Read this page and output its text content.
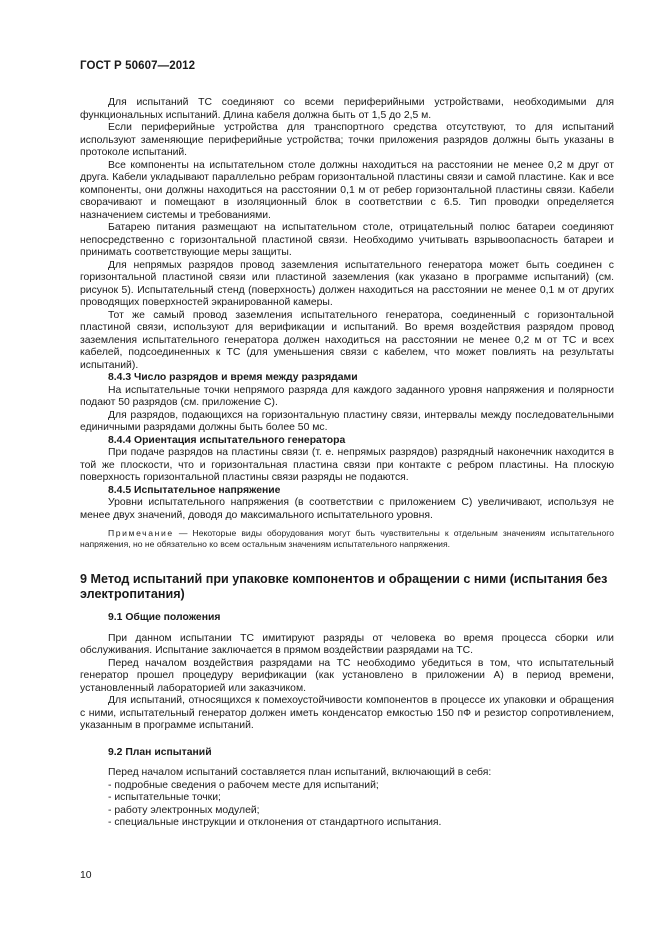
ГОСТ Р 50607—2012

Для испытаний ТС соединяют со всеми периферийными устройствами, необходимыми для функциональных испытаний. Длина кабеля должна быть от 1,5 до 2,5 м.

Если периферийные устройства для транспортного средства отсутствуют, то для испытаний используют заменяющие периферийные устройства; точки приложения разрядов должны быть указаны в протоколе испытаний.

Все компоненты на испытательном столе должны находиться на расстоянии не менее 0,2 м друг от друга. Кабели укладывают параллельно ребрам горизонтальной пластины связи и самой пластине. Как и все компоненты, они должны находиться на расстоянии 0,1 м от ребер горизонтальной пластины связи. Кабели сворачивают и помещают в изоляционный блок в соответствии с 6.5. Тип проводки определяется назначением системы и требованиями.

Батарею питания размещают на испытательном столе, отрицательный полюс батареи соединяют непосредственно с горизонтальной пластиной связи. Необходимо учитывать взрывоопасность батареи и принимать соответствующие меры защиты.

Для непрямых разрядов провод заземления испытательного генератора может быть соединен с горизонтальной пластиной связи или пластиной заземления (как указано в программе испытаний) (см. рисунок 5). Испытательный стенд (поверхность) должен находиться на расстоянии не менее 0,1 м от других проводящих поверхностей экранированной камеры.

Тот же самый провод заземления испытательного генератора, соединенный с горизонтальной пластиной связи, используют для верификации и испытаний. Во время воздействия разрядом провод заземления испытательного генератора должен находиться на расстоянии не менее 0,2 м от ТС и всех кабелей, подсоединенных к ТС (для уменьшения связи с кабелем, что может повлиять на результаты испытаний).

8.4.3 Число разрядов и время между разрядами

На испытательные точки непрямого разряда для каждого заданного уровня напряжения и полярности подают 50 разрядов (см. приложение С).

Для разрядов, подающихся на горизонтальную пластину связи, интервалы между последовательными единичными разрядами должны быть более 50 мс.

8.4.4 Ориентация испытательного генератора

При подаче разрядов на пластины связи (т. е. непрямых разрядов) разрядный наконечник находится в той же плоскости, что и горизонтальная пластина связи при контакте с ребром пластины. На плоскую поверхность горизонтальной пластины связи разряды не подаются.

8.4.5 Испытательное напряжение

Уровни испытательного напряжения (в соответствии с приложением С) увеличивают, используя не менее двух значений, доводя до максимального испытательного уровня.

Примечание — Некоторые виды оборудования могут быть чувствительны к отдельным значениям испытательного напряжения, но не обязательно ко всем остальным значениям испытательного напряжения.

9 Метод испытаний при упаковке компонентов и обращении с ними (испытания без электропитания)
9.1 Общие положения

При данном испытании ТС имитируют разряды от человека во время процесса сборки или обслуживания. Испытание заключается в прямом воздействии разрядами на ТС.

Перед началом воздействия разрядами на ТС необходимо убедиться в том, что испытательный генератор прошел процедуру верификации (как установлено в приложении А) в период времени, установленный лабораторией или заказчиком.

Для испытаний, относящихся к помехоустойчивости компонентов в процессе их упаковки и обращения с ними, испытательный генератор должен иметь конденсатор емкостью 150 пФ и резистор сопротивлением, указанным в программе испытаний.

9.2 План испытаний

Перед началом испытаний составляется план испытаний, включающий в себя:

- подробные сведения о рабочем месте для испытаний;
- испытательные точки;
- работу электронных модулей;
- специальные инструкции и отклонения от стандартного испытания.
10
